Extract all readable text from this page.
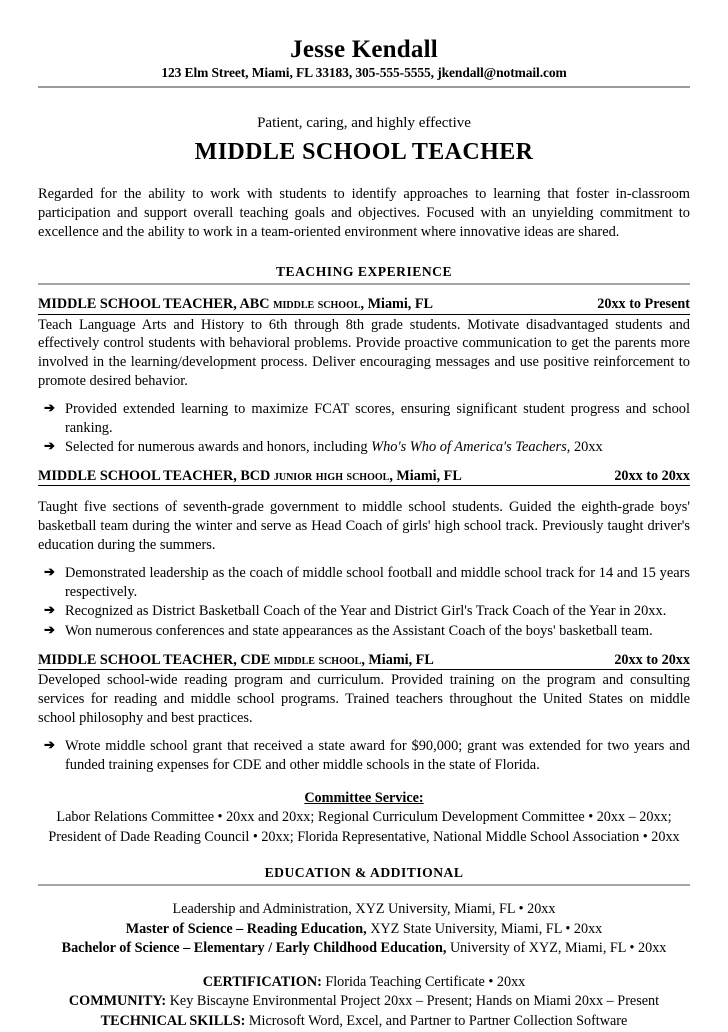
Jesse Kendall
123 Elm Street, Miami, FL 33183, 305-555-5555, jkendall@notmail.com
Patient, caring, and highly effective
MIDDLE SCHOOL TEACHER
Regarded for the ability to work with students to identify approaches to learning that foster in-classroom participation and support overall teaching goals and objectives. Focused with an unyielding commitment to excellence and the ability to work in a team-oriented environment where innovative ideas are shared.
TEACHING EXPERIENCE
MIDDLE SCHOOL TEACHER, ABC middle school, Miami, FL	20xx to Present
Teach Language Arts and History to 6th through 8th grade students. Motivate disadvantaged students and effectively control students with behavioral problems. Provide proactive communication to get the parents more involved in the learning/development process. Deliver encouraging messages and use positive reinforcement to promote desired behavior.
➔ Provided extended learning to maximize FCAT scores, ensuring significant student progress and school ranking.
➔ Selected for numerous awards and honors, including Who's Who of America's Teachers, 20xx
MIDDLE SCHOOL TEACHER, BCD junior high school, Miami, FL	20xx to 20xx
Taught five sections of seventh-grade government to middle school students. Guided the eighth-grade boys' basketball team during the winter and serve as Head Coach of girls' high school track. Previously taught driver's education during the summers.
➔ Demonstrated leadership as the coach of middle school football and middle school track for 14 and 15 years respectively.
➔ Recognized as District Basketball Coach of the Year and District Girl's Track Coach of the Year in 20xx.
➔ Won numerous conferences and state appearances as the Assistant Coach of the boys' basketball team.
MIDDLE SCHOOL TEACHER, CDE middle school, Miami, FL	20xx to 20xx
Developed school-wide reading program and curriculum. Provided training on the program and consulting services for reading and middle school programs. Trained teachers throughout the United States on middle school philosophy and best practices.
➔ Wrote middle school grant that received a state award for $90,000; grant was extended for two years and funded training expenses for CDE and other middle schools in the state of Florida.
Committee Service:
Labor Relations Committee • 20xx and 20xx; Regional Curriculum Development Committee • 20xx – 20xx;
President of Dade Reading Council • 20xx; Florida Representative, National Middle School Association • 20xx
EDUCATION & ADDITIONAL
Leadership and Administration, XYZ University, Miami, FL • 20xx
Master of Science – Reading Education, XYZ State University, Miami, FL • 20xx
Bachelor of Science – Elementary / Early Childhood Education, University of XYZ, Miami, FL • 20xx
CERTIFICATION: Florida Teaching Certificate • 20xx
COMMUNITY: Key Biscayne Environmental Project 20xx – Present; Hands on Miami 20xx – Present
TECHNICAL SKILLS: Microsoft Word, Excel, and Partner to Partner Collection Software
